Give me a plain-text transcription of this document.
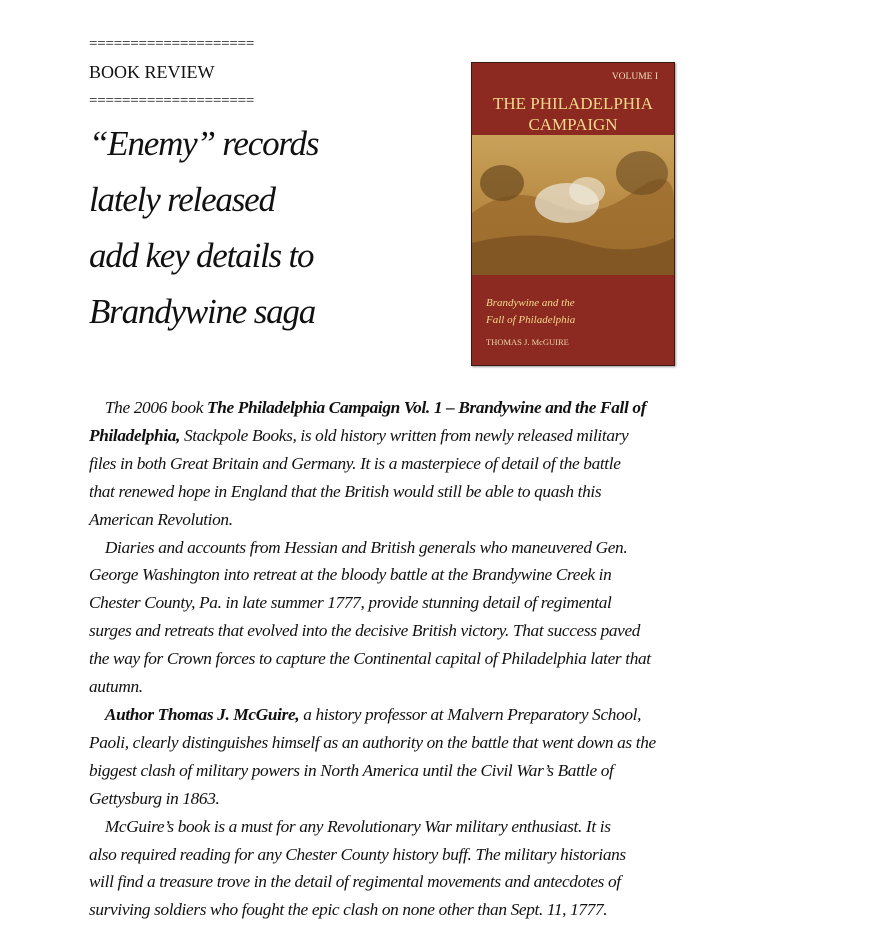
====================
BOOK REVIEW
====================
“Enemy” records
lately released
add key details to
Brandywine saga
VOLUME I
THE PHILADELPHIA
CAMPAIGN
Brandywine and the
Fall of Philadelphia
THOMAS J. McGUIRE
The 2006 book The Philadelphia Campaign Vol. 1 – Brandywine and the Fall of
Philadelphia, Stackpole Books, is old history written from newly released military
files in both Great Britain and Germany. It is a masterpiece of detail of the battle
that renewed hope in England that the British would still be able to quash this
American Revolution.
Diaries and accounts from Hessian and British generals who maneuvered Gen.
George Washington into retreat at the bloody battle at the Brandywine Creek in
Chester County, Pa. in late summer 1777, provide stunning detail of regimental
surges and retreats that evolved into the decisive British victory. That success paved
the way for Crown forces to capture the Continental capital of Philadelphia later that
autumn.
Author Thomas J. McGuire, a history professor at Malvern Preparatory School,
Paoli, clearly distinguishes himself as an authority on the battle that went down as the
biggest clash of military powers in North America until the Civil War’s Battle of
Gettysburg in 1863.
McGuire’s book is a must for any Revolutionary War military enthusiast. It is
also required reading for any Chester County history buff. The military historians
will find a treasure trove in the detail of regimental movements and antecdotes of
surviving soldiers who fought the epic clash on none other than Sept. 11, 1777.
